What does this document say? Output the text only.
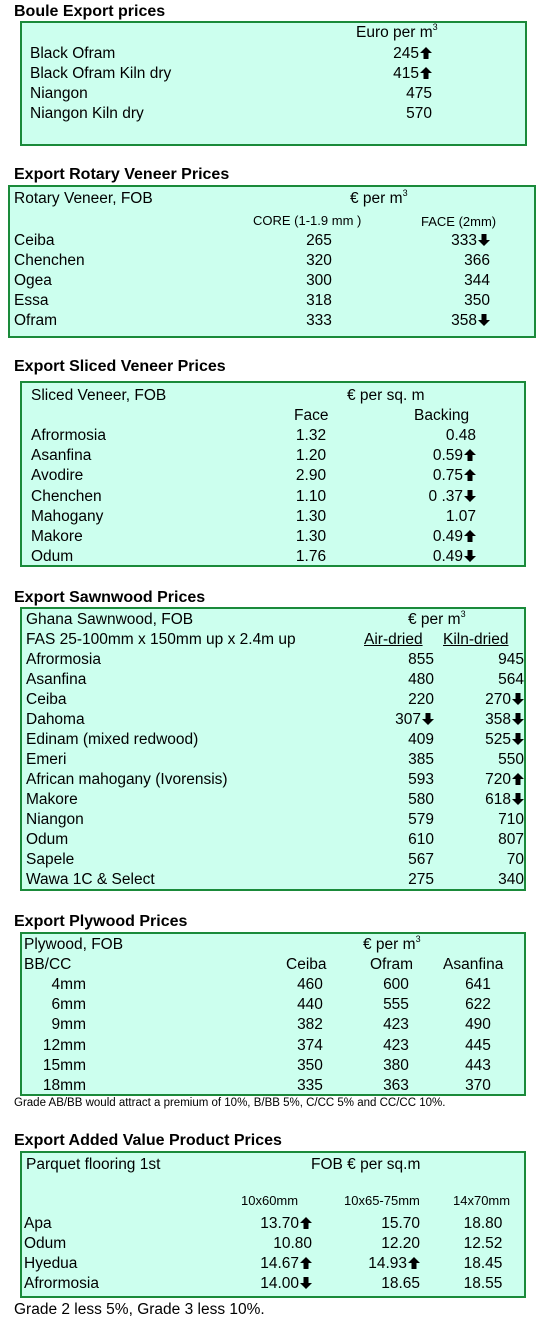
Boule Export prices
Euro per $m^3$
Black Ofram	245
Black Ofram Kiln dry	415
Niangon	475
Niangon Kiln dry	570
Export Rotary Veneer Prices
Rotary Veneer, FOB	€ per $m^3$
CORE (1-1.9 mm )	FACE (2mm)
Ceiba	265	333
Chenchen	320	366
Ogea	300	344
Essa	318	350
Ofram	333	358
Export Sliced Veneer Prices
Sliced Veneer, FOB	€ per sq. m
Face	Backing
Afrormosia	1.32	0.48
Asanfina	1.20	0.59
Avodire	2.90	0.75
Chenchen	1.10	0 .37
Mahogany	1.30	1.07
Makore	1.30	0.49
Odum	1.76	0.49
Export Sawnwood Prices
Ghana Sawnwood, FOB	€ per $m^3$
FAS 25-100mm x 150mm up x 2.4m up	Air-dried Kiln-dried
Afrormosia	855	945
Asanfina	480	564
Ceiba	220	270
Dahoma	307	358
Edinam (mixed redwood)	409	525
Emeri	385	550
African mahogany (Ivorensis)	593	720
Makore	580	618
Niangon	579	710
Odum	610	807
Sapele	567	70
Wawa 1C & Select	275	340
Export Plywood Prices
Plywood, FOB	€ per $m^3$
BB/CC	Ceiba	Ofram Asanfina
4mm	460	600	641
6mm	440	555	622
9mm	382	423	490
12mm	374	423	445
15mm	350	380	443
18mm	335	363	370
Grade AB/BB would attract a premium of 10%, B/BB 5%, C/CC 5% and CC/CC 10%.
Export Added Value Product Prices
Parquet flooring 1st	FOB € per sq.m
10x60mm	10x65-75mm	14x70mm
Apa	13.70	15.70	18.80
Odum	10.80	12.20	12.52
Hyedua	14.67	14.93	18.45
Afrormosia	14.00	18.65	18.55
Grade 2 less 5%, Grade 3 less 10%.
